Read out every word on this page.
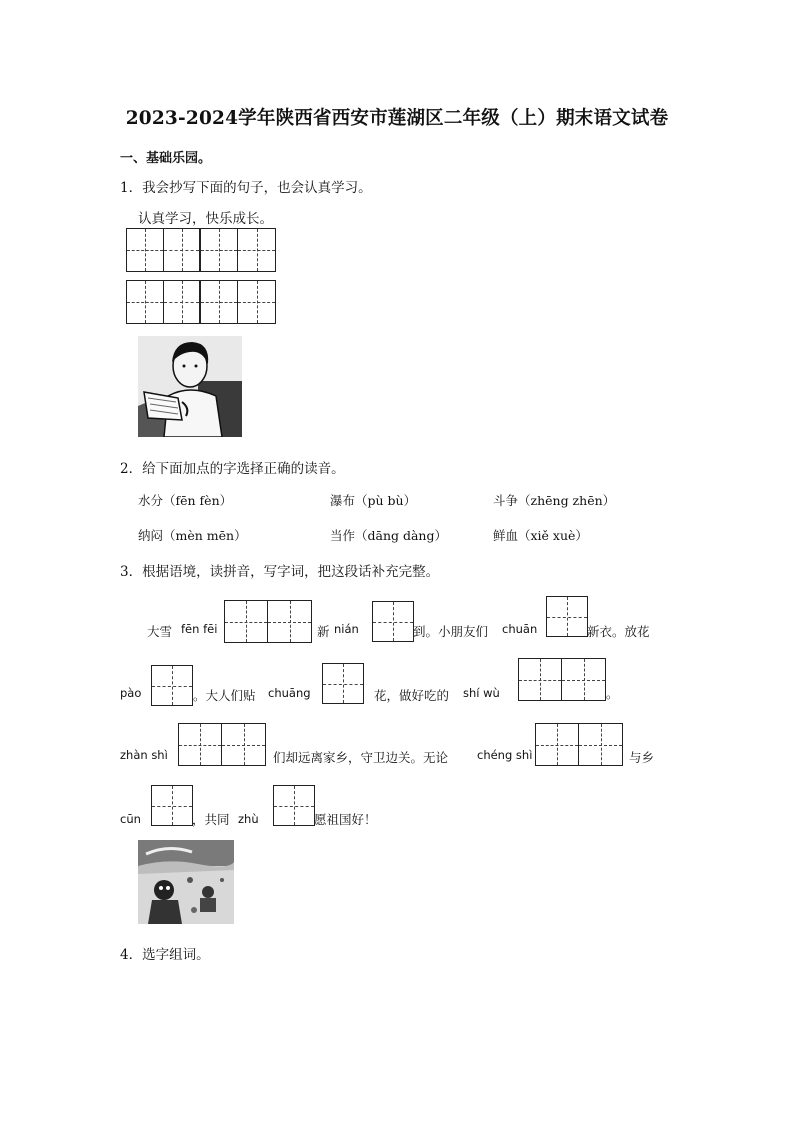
2023-2024学年陕西省西安市莲湖区二年级（上）期末语文试卷
一、基础乐园。
1．我会抄写下面的句子，也会认真学习。
认真学习，快乐成长。
2．给下面加点的字选择正确的读音。
水分（fēn fèn）	瀑布（pù bù）	斗争（zhēng zhēn）
纳闷（mèn mēn）	当作（dāng dàng）	鲜血（xiě xuè）
3．根据语境，读拼音，写字词，把这段话补充完整。
大雪 fēn fēi	新 nián	到。小朋友们 chuān	新衣。放花
pào	。大人们贴 chuāng	花，做好吃的 shí wù	。
zhàn shì	们却远离家乡，守卫边关。无论	chéng shì	与乡
cūn	，共同 zhù	愿祖国好！
4．选字组词。
